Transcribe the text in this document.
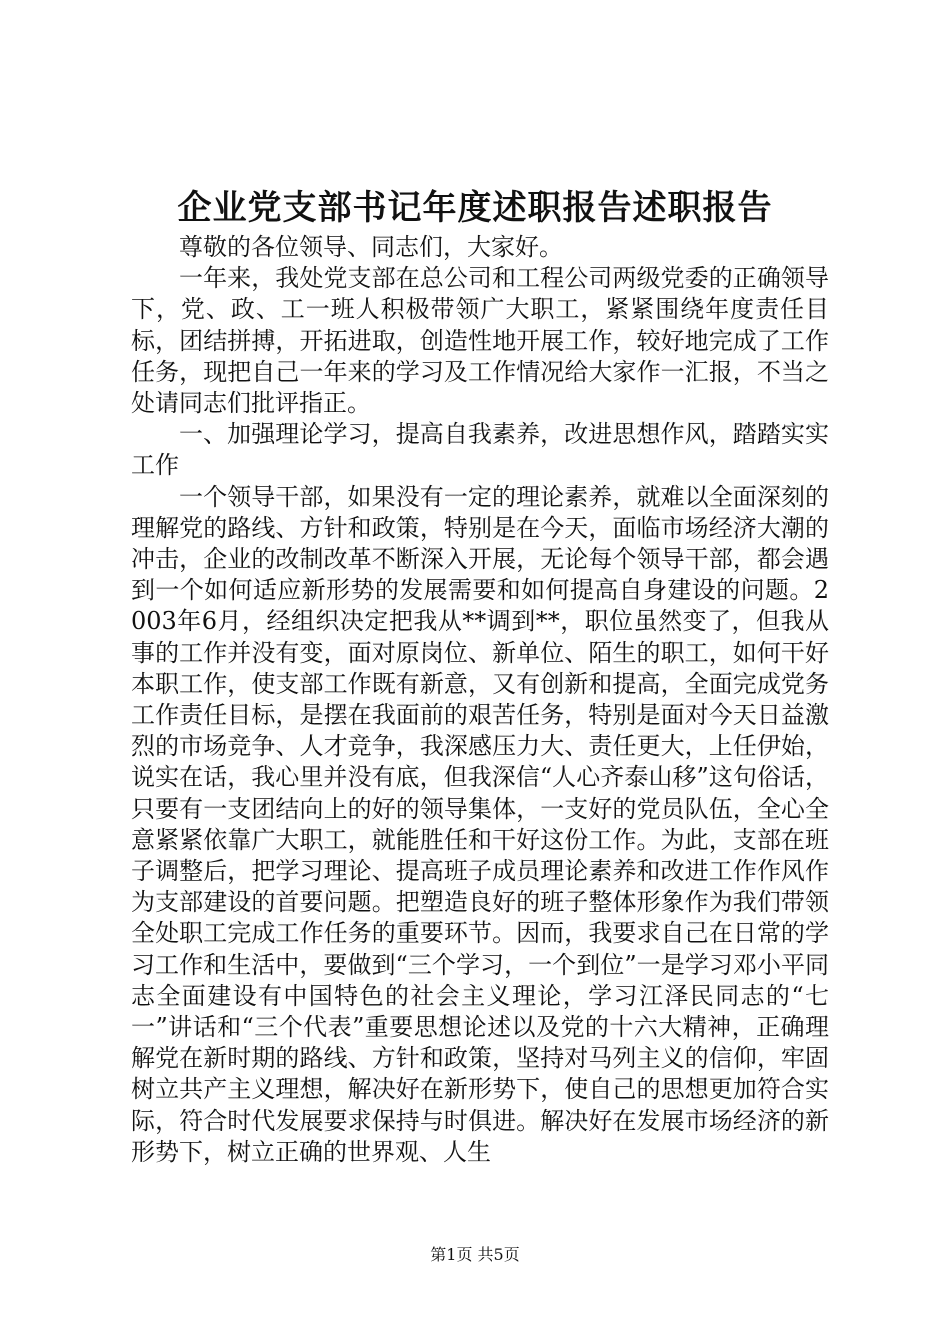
企业党支部书记年度述职报告述职报告

尊敬的各位领导、同志们，大家好。

一年来，我处党支部在总公司和工程公司两级党委的正确领导下，党、政、工一班人积极带领广大职工，紧紧围绕年度责任目标，团结拼搏，开拓进取，创造性地开展工作，较好地完成了工作任务，现把自己一年来的学习及工作情况给大家作一汇报，不当之处请同志们批评指正。

一、加强理论学习，提高自我素养，改进思想作风，踏踏实实工作

一个领导干部，如果没有一定的理论素养，就难以全面深刻的理解党的路线、方针和政策，特别是在今天，面临市场经济大潮的冲击，企业的改制改革不断深入开展，无论每个领导干部，都会遇到一个如何适应新形势的发展需要和如何提高自身建设的问题。2003年6月，经组织决定把我从**调到**，职位虽然变了，但我从事的工作并没有变，面对原岗位、新单位、陌生的职工，如何干好本职工作，使支部工作既有新意，又有创新和提高，全面完成党务工作责任目标，是摆在我面前的艰苦任务，特别是面对今天日益激烈的市场竞争、人才竞争，我深感压力大、责任更大，上任伊始，说实在话，我心里并没有底，但我深信“人心齐泰山移”这句俗话，只要有一支团结向上的好的领导集体，一支好的党员队伍，全心全意紧紧依靠广大职工，就能胜任和干好这份工作。为此，支部在班子调整后，把学习理论、提高班子成员理论素养和改进工作作风作为支部建设的首要问题。把塑造良好的班子整体形象作为我们带领全处职工完成工作任务的重要环节。因而，我要求自己在日常的学习工作和生活中，要做到“三个学习，一个到位”一是学习邓小平同志全面建设有中国特色的社会主义理论，学习江泽民同志的“七一”讲话和“三个代表”重要思想论述以及党的十六大精神，正确理解党在新时期的路线、方针和政策，坚持对马列主义的信仰，牢固树立共产主义理想，解决好在新形势下，使自己的思想更加符合实际，符合时代发展要求保持与时俱进。解决好在发展市场经济的新形势下，树立正确的世界观、人生

第1页 共5页
